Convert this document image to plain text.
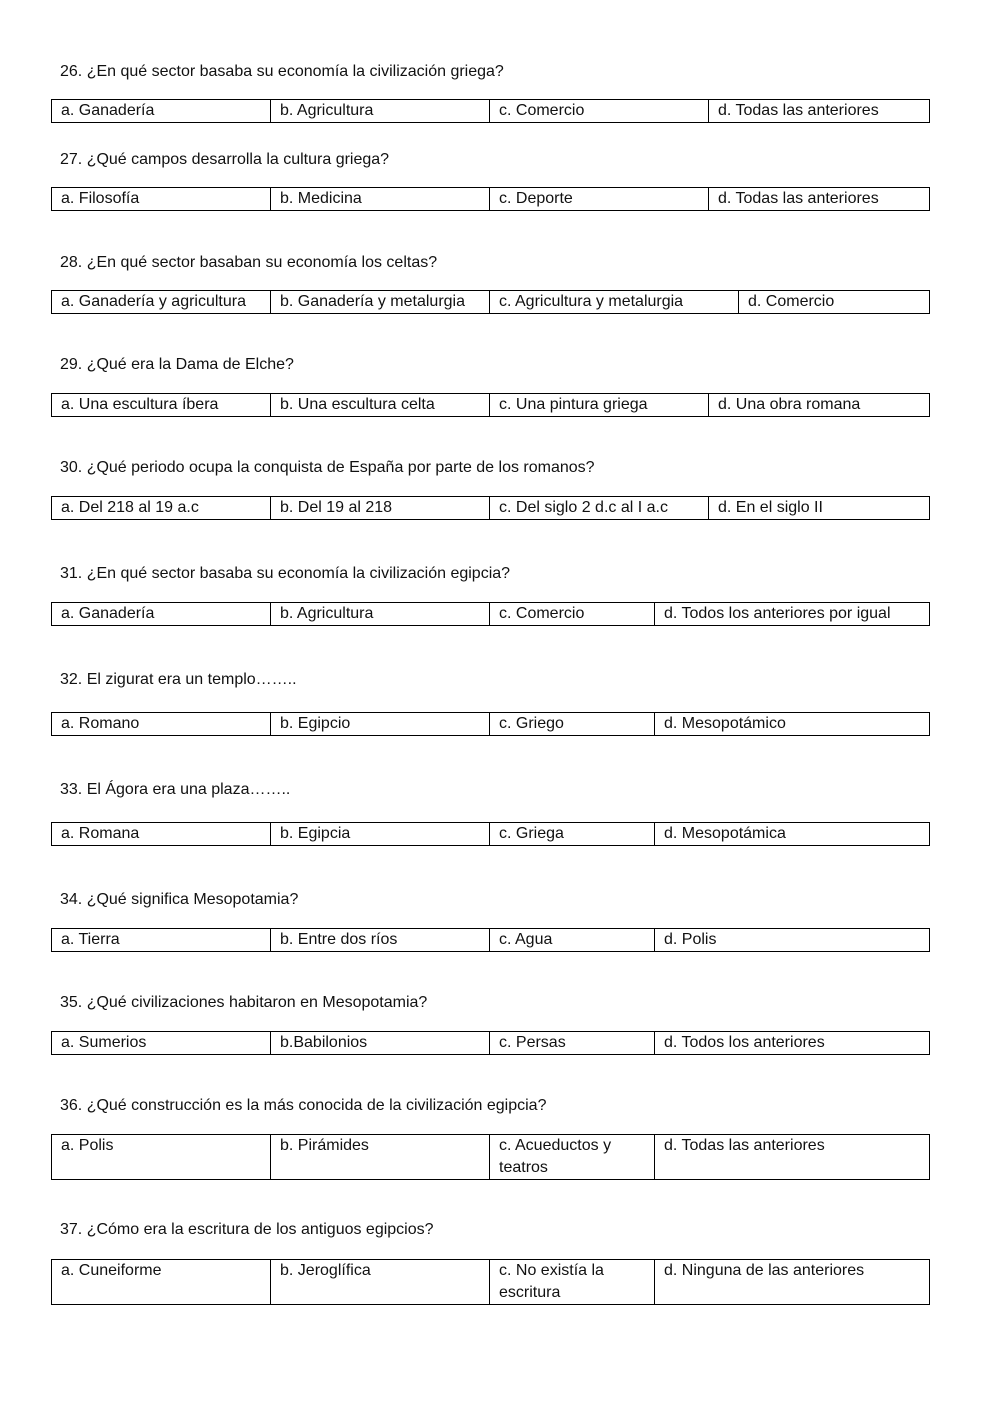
26. ¿En qué sector basaba su economía la civilización griega?
a. Ganadería	b. Agricultura	c. Comercio	d. Todas las anteriores
27. ¿Qué campos desarrolla la cultura griega?
a. Filosofía	b. Medicina	c. Deporte	d. Todas las anteriores
28. ¿En qué sector basaban su economía los celtas?
a. Ganadería y agricultura	b. Ganadería y metalurgia	c. Agricultura y metalurgia	d. Comercio
29. ¿Qué era la Dama de Elche?
a. Una escultura íbera	b. Una escultura celta	c. Una pintura griega	d. Una obra romana
30. ¿Qué periodo ocupa la conquista de España por parte de los romanos?
a. Del 218 al 19 a.c	b. Del 19 al 218	c. Del siglo 2 d.c al I a.c	d. En el siglo II
31. ¿En qué sector basaba su economía la civilización egipcia?
a. Ganadería	b. Agricultura	c. Comercio	d. Todos los anteriores por igual
32. El zigurat era un templo……..
a. Romano	b. Egipcio	c. Griego	d. Mesopotámico
33. El Ágora era una plaza……..
a. Romana	b. Egipcia	c. Griega	d. Mesopotámica
34. ¿Qué significa Mesopotamia?
a. Tierra	b. Entre dos ríos	c. Agua	d. Polis
35. ¿Qué civilizaciones habitaron en Mesopotamia?
a. Sumerios	b.Babilonios	c. Persas	d. Todos los anteriores
36. ¿Qué construcción es la más conocida de la civilización egipcia?
a. Polis	b. Pirámides	c. Acueductos y teatros	d. Todas las anteriores
37. ¿Cómo era la escritura de los antiguos egipcios?
a. Cuneiforme	b. Jeroglífica	c. No existía la escritura	d. Ninguna de las anteriores
